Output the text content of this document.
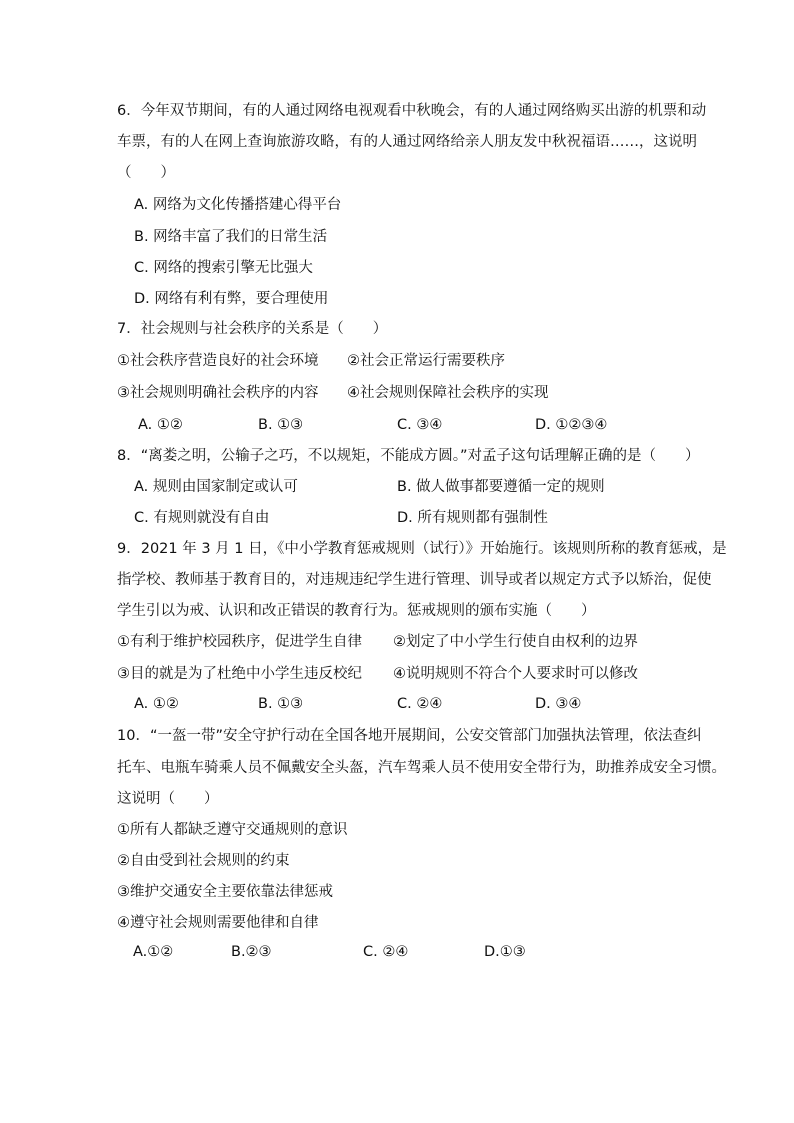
6．今年双节期间，有的人通过网络电视观看中秋晚会，有的人通过网络购买出游的机票和动
车票，有的人在网上查询旅游攻略，有的人通过网络给亲人朋友发中秋祝福语……，这说明
（　　）
A. 网络为文化传播搭建心得平台
B. 网络丰富了我们的日常生活
C. 网络的搜索引擎无比强大
D. 网络有利有弊，要合理使用
7．社会规则与社会秩序的关系是（　　）
①社会秩序营造良好的社会环境 ②社会正常运行需要秩序
③社会规则明确社会秩序的内容 ④社会规则保障社会秩序的实现
A. ①②	B. ①③	C. ③④	D. ①②③④
8．“离娄之明，公输子之巧，不以规矩，不能成方圆。”对孟子这句话理解正确的是（　　）
A. 规则由国家制定或认可	B. 做人做事都要遵循一定的规则
C. 有规则就没有自由	D. 所有规则都有强制性
9．2021 年 3 月 1 日，《中小学教育惩戒规则（试行）》开始施行。该规则所称的教育惩戒，是
指学校、教师基于教育目的，对违规违纪学生进行管理、训导或者以规定方式予以矫治，促使
学生引以为戒、认识和改正错误的教育行为。惩戒规则的颁布实施（　　）
①有利于维护校园秩序，促进学生自律 ②划定了中小学生行使自由权利的边界
③目的就是为了杜绝中小学生违反校纪 ④说明规则不符合个人要求时可以修改
A. ①②	B. ①③	C. ②④	D. ③④
10．“一盔一带”安全守护行动在全国各地开展期间，公安交管部门加强执法管理，依法查纠
托车、电瓶车骑乘人员不佩戴安全头盔，汽车驾乘人员不使用安全带行为，助推养成安全习惯。
这说明（　　）
①所有人都缺乏遵守交通规则的意识
②自由受到社会规则的约束
③维护交通安全主要依靠法律惩戒
④遵守社会规则需要他律和自律
A.①②	B.②③	C. ②④	D.①③
